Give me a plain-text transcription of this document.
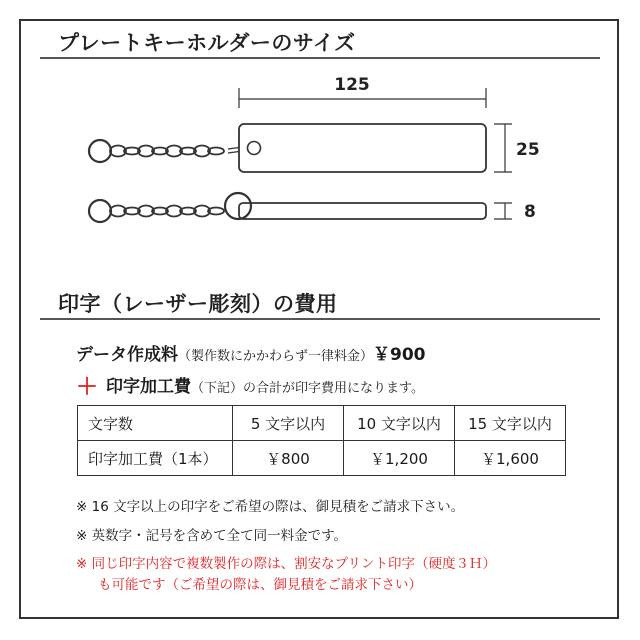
プレートキーホルダーのサイズ
125
25
8
印字（レーザー彫刻）の費用
データ作成料（製作数にかかわらず一律料金）￥900
＋ 印字加工費（下記）の合計が印字費用になります。
文字数	5 文字以内	10 文字以内	15 文字以内
印字加工費（1本）	￥800	￥1,200	￥1,600
※ 16 文字以上の印字をご希望の際は、御見積をご請求下さい。
※ 英数字・記号を含めて全て同一料金です。
※ 同じ印字内容で複数製作の際は、割安なプリント印字（硬度３Ｈ）
も可能です（ご希望の際は、御見積をご請求下さい）
